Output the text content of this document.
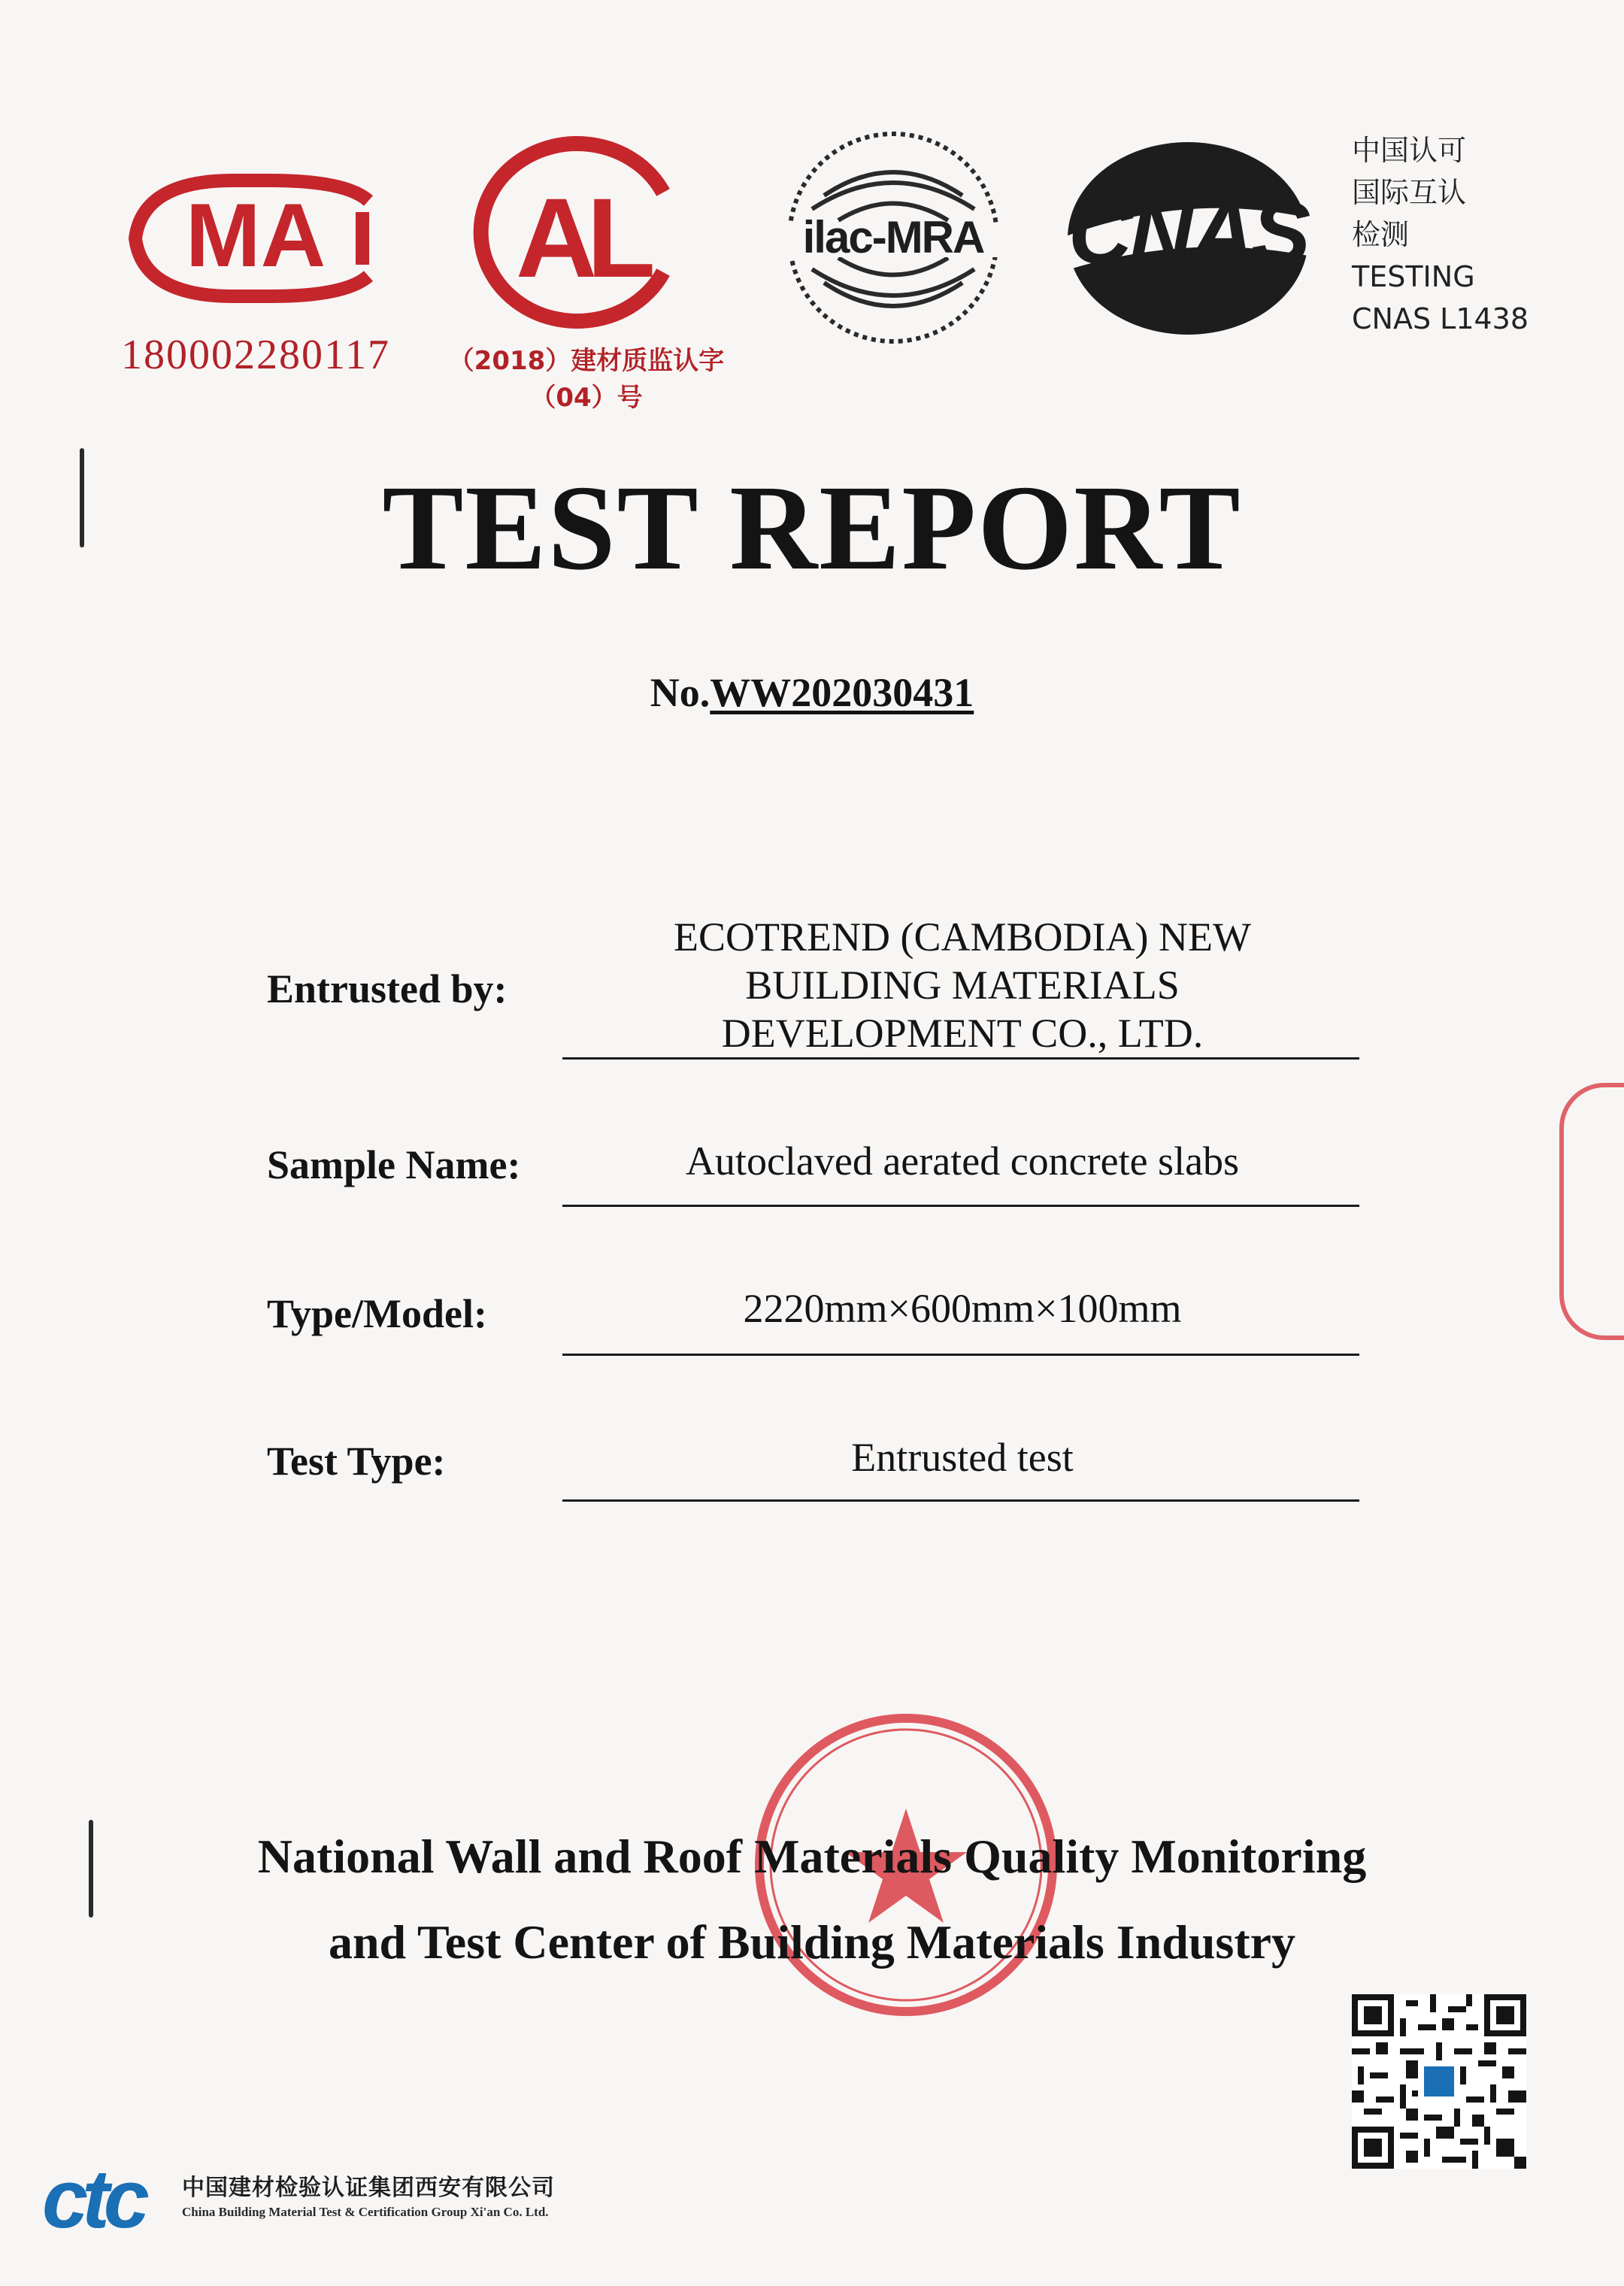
MA
180002280117
AL
（2018）建材质监认字（04）号
ilac-MRA CNAS
中国认可
国际互认
检测
TESTING
CNAS L1438
TEST REPORT
No.WW202030431
Entrusted by:
ECOTREND (CAMBODIA) NEW
BUILDING MATERIALS
DEVELOPMENT CO., LTD.
Sample Name:	Autoclaved aerated concrete slabs
Type/Model:	2220mm×600mm×100mm
Test Type:	Entrusted test
National Wall and Roof Materials Quality Monitoring
and Test Center of Building Materials Industry
ctc 中国建材检验认证集团西安有限公司
China Building Material Test & Certification Group Xi'an Co. Ltd.
